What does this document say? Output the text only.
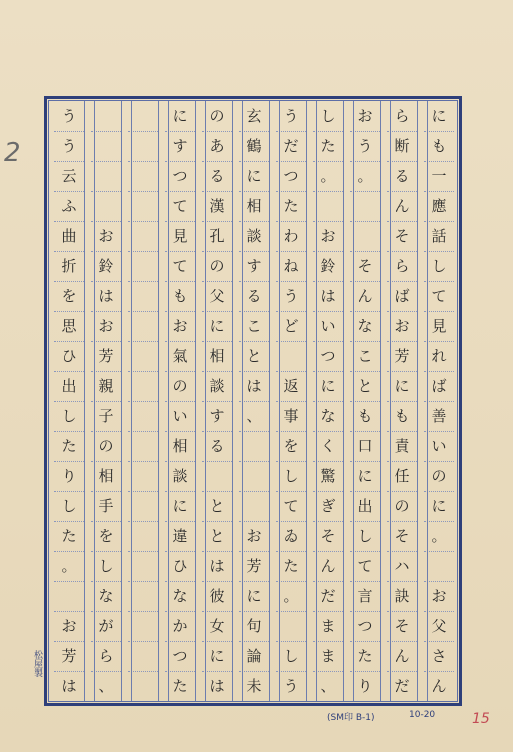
に
も
一
應
話
し
て
見
れ
ば
善
い
の
に
。
お
父
さ
ん
ら
断
る
ん
そ
ら
ば
お
芳
に
も
責
任
の
そ
ハ
訣
そ
ん
だ
お
う
。
そ
ん
な
こ
と
も
口
に
出
し
て
言
つ
た
り
し
た
。
お
鈴
は
い
つ
に
な
く
驚
ぎ
そ
ん
だ
ま
ま
、
う
だ
つ
た
わ
ね
う
ど
返
事
を
し
て
ゐ
た
。
し
う
玄
鶴
に
相
談
す
る
こ
と
は
、
お
芳
に
句
論
未
の
あ
る
漢
孔
の
父
に
相
談
す
る
と
と
は
彼
女
に
は
に
す
つ
て
見
て
も
お
氣
の
い
相
談
に
違
ひ
な
か
つ
た
お
鈴
は
お
芳
親
子
の
相
手
を
し
な
が
ら
、
う
う
云
ふ
曲
折
を
思
ひ
出
し
た
り
し
た
。
お
芳
は
2
松屋製
(SM印 B-1)	10-20	15
